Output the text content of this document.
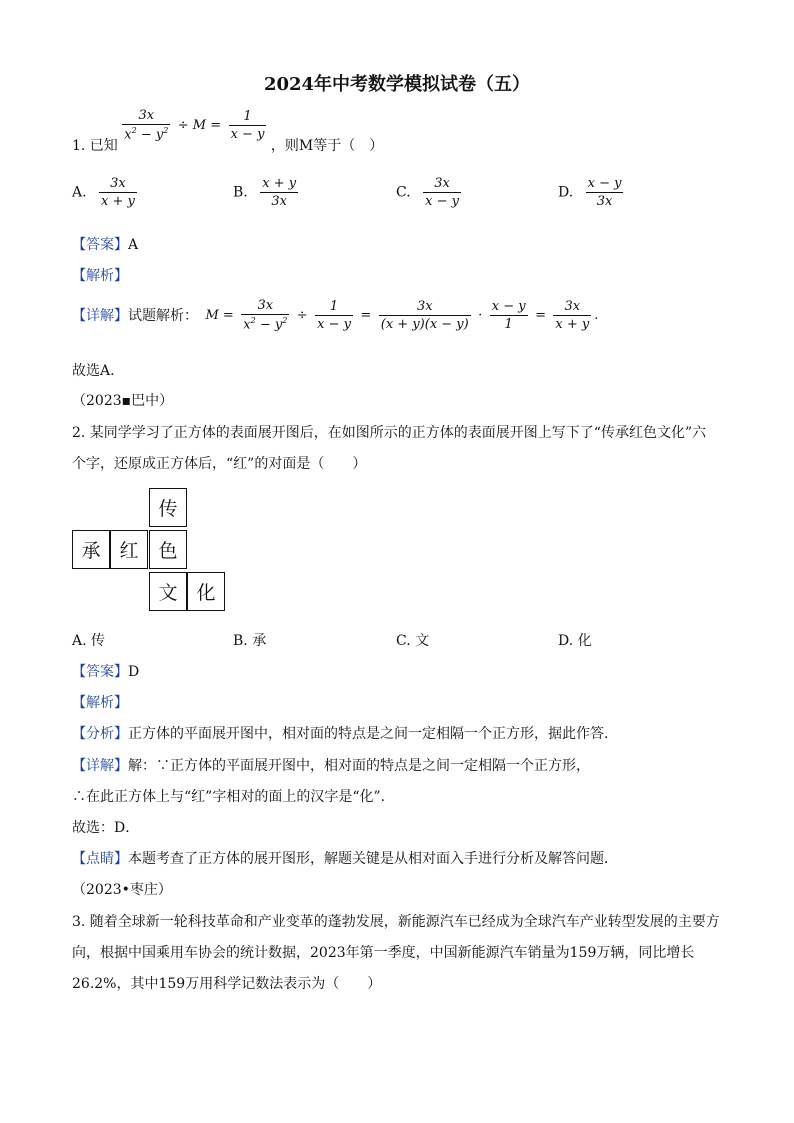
2024年中考数学模拟试卷（五）
1. 已知
$\frac{3x}{x^2 - y^2} \div M = \frac{1}{x - y}$
，则M等于（　）
A. $\frac{3x}{x + y}$	B. $\frac{x + y}{3x}$	C. $\frac{3x}{x - y}$	D. $\frac{x - y}{3x}$
【答案】A
【解析】
【详解】试题解析： $M = \frac{3x}{x^2 - y^2} \div \frac{1}{x - y} = \frac{3x}{(x + y)(x - y)} \cdot \frac{x - y}{1} = \frac{3x}{x + y}$ .
故选A.
（2023▪巴中）
2. 某同学学习了正方体的表面展开图后，在如图所示的正方体的表面展开图上写下了“传承红色文化”六
个字，还原成正方体后，“红”的对面是（　　）
传
承 红	色
文 化
A. 传	B. 承	C. 文	D. 化
【答案】D
【解析】
【分析】正方体的平面展开图中，相对面的特点是之间一定相隔一个正方形，据此作答．
【详解】解：∵正方体的平面展开图中，相对面的特点是之间一定相隔一个正方形，
∴在此正方体上与“红”字相对的面上的汉字是“化”.
故选：D．
【点睛】本题考查了正方体的展开图形，解题关键是从相对面入手进行分析及解答问题．
（2023•枣庄）
3. 随着全球新一轮科技革命和产业变革的蓬勃发展，新能源汽车已经成为全球汽车产业转型发展的主要方
向，根据中国乘用车协会的统计数据，2023年第一季度，中国新能源汽车销量为159万辆，同比增长
26.2%，其中159万用科学记数法表示为（　　）
